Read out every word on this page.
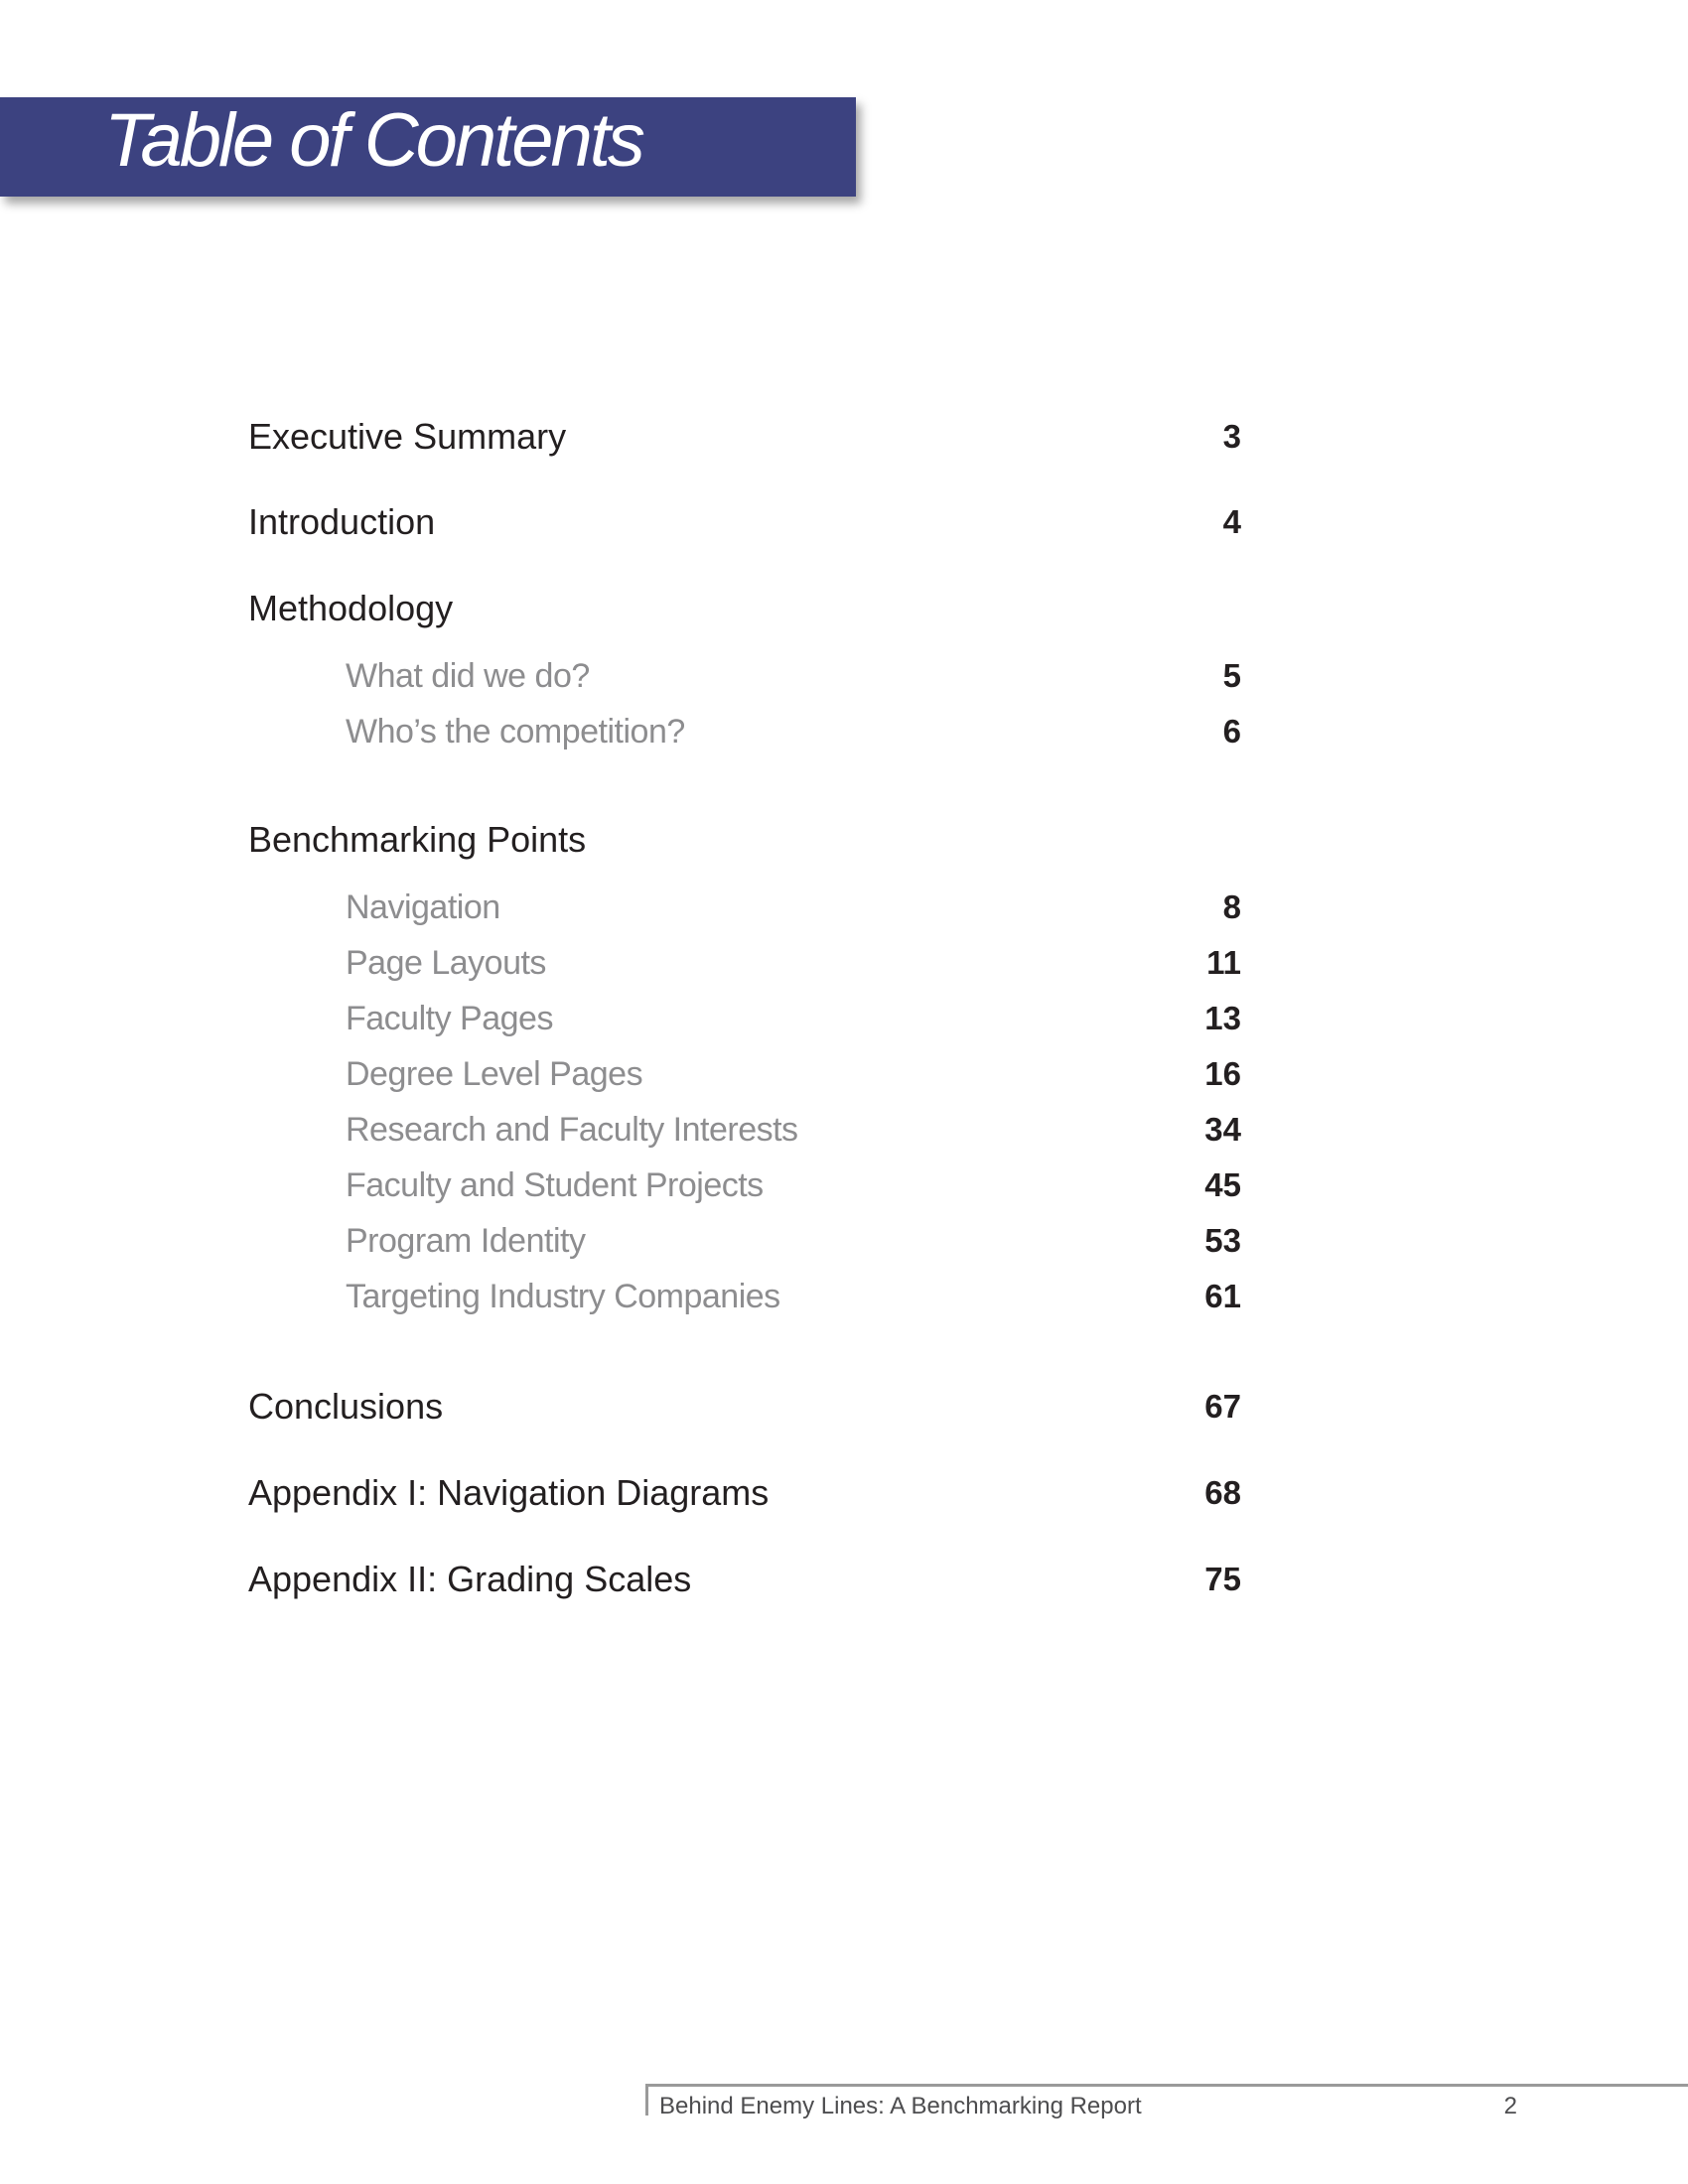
Table of Contents
Executive Summary	3
Introduction	4
Methodology
What did we do?	5
Who’s the competition?	6
Benchmarking Points
Navigation	8
Page Layouts	11
Faculty Pages	13
Degree Level Pages	16
Research and Faculty Interests	34
Faculty and Student Projects	45
Program Identity	53
Targeting Industry Companies	61
Conclusions	67
Appendix I: Navigation Diagrams	68
Appendix II: Grading Scales	75
Behind Enemy Lines: A Benchmarking Report	2
